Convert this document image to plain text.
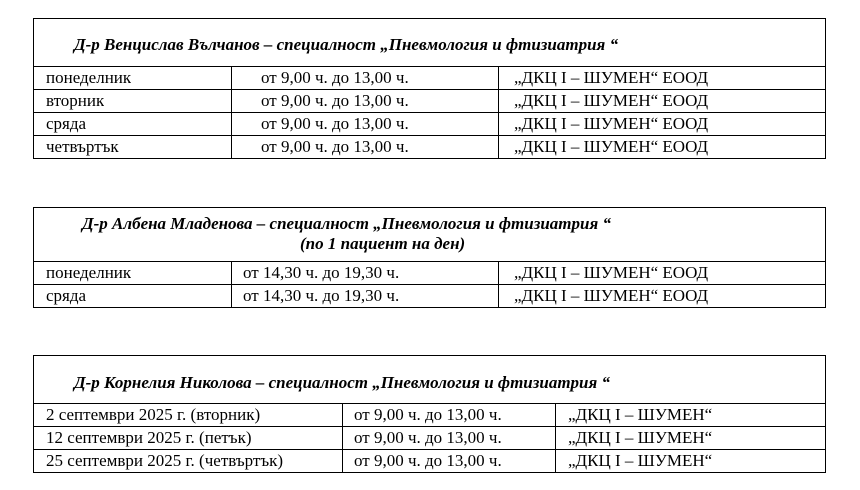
Д-р Венцислав Вълчанов – специалност „Пневмология и фтизиатрия “
понеделник	от 9,00 ч. до 13,00 ч.	„ДКЦ I – ШУМЕН“ ЕООД
вторник	от 9,00 ч. до 13,00 ч.	„ДКЦ I – ШУМЕН“ ЕООД
сряда	от 9,00 ч. до 13,00 ч.	„ДКЦ I – ШУМЕН“ ЕООД
четвъртък	от 9,00 ч. до 13,00 ч.	„ДКЦ I – ШУМЕН“ ЕООД
Д-р Албена Младенова – специалност „Пневмология и фтизиатрия “
(по 1 пациент на ден)
понеделник	от 14,30 ч. до 19,30 ч.	„ДКЦ I – ШУМЕН“ ЕООД
сряда	от 14,30 ч. до 19,30 ч.	„ДКЦ I – ШУМЕН“ ЕООД
Д-р Корнелия Николова – специалност „Пневмология и фтизиатрия “
2 септември 2025 г. (вторник)	от 9,00 ч. до 13,00 ч.	„ДКЦ I – ШУМЕН“
12 септември 2025 г. (петък)	от 9,00 ч. до 13,00 ч.	„ДКЦ I – ШУМЕН“
25 септември 2025 г. (четвъртък)	от 9,00 ч. до 13,00 ч.	„ДКЦ I – ШУМЕН“
